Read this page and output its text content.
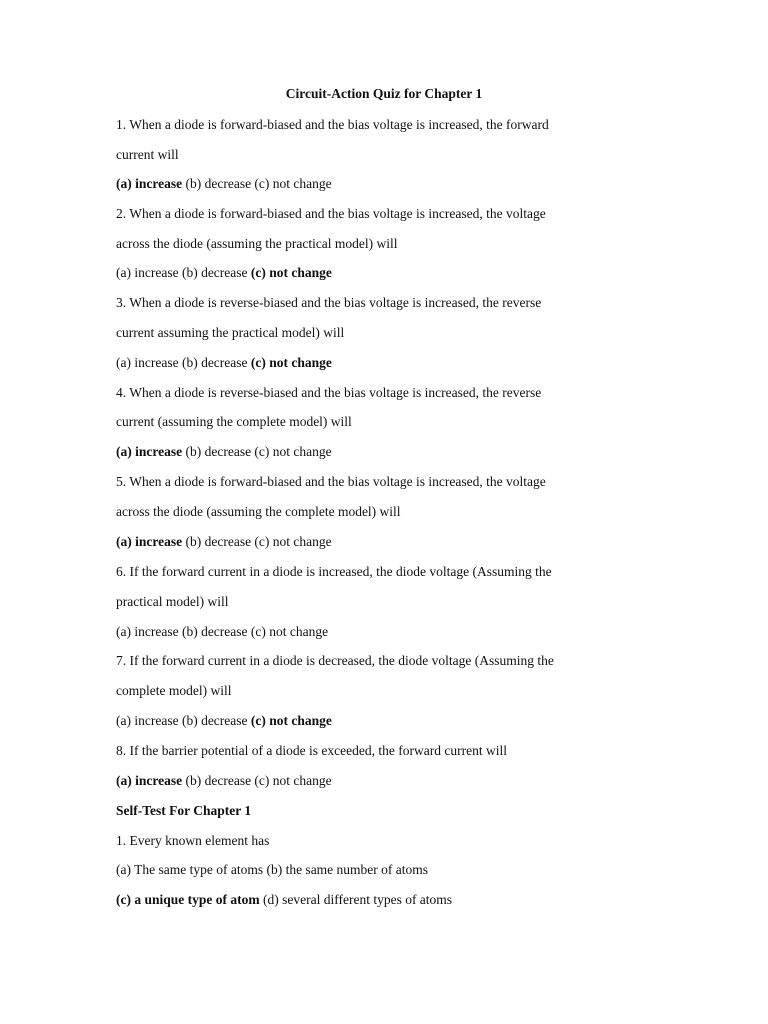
Circuit-Action Quiz for Chapter 1
1. When a diode is forward-biased and the bias voltage is increased, the forward
current will
(a) increase (b) decrease (c) not change
2. When a diode is forward-biased and the bias voltage is increased, the voltage
across the diode (assuming the practical model) will
(a) increase (b) decrease (c) not change
3. When a diode is reverse-biased and the bias voltage is increased, the reverse
current assuming the practical model) will
(a) increase (b) decrease (c) not change
4. When a diode is reverse-biased and the bias voltage is increased, the reverse
current (assuming the complete model) will
(a) increase (b) decrease (c) not change
5. When a diode is forward-biased and the bias voltage is increased, the voltage
across the diode (assuming the complete model) will
(a) increase (b) decrease (c) not change
6. If the forward current in a diode is increased, the diode voltage (Assuming the
practical model) will
(a) increase (b) decrease (c) not change
7. If the forward current in a diode is decreased, the diode voltage (Assuming the
complete model) will
(a) increase (b) decrease (c) not change
8. If the barrier potential of a diode is exceeded, the forward current will
(a) increase (b) decrease (c) not change
Self-Test For Chapter 1
1. Every known element has
(a) The same type of atoms (b) the same number of atoms
(c) a unique type of atom (d) several different types of atoms
